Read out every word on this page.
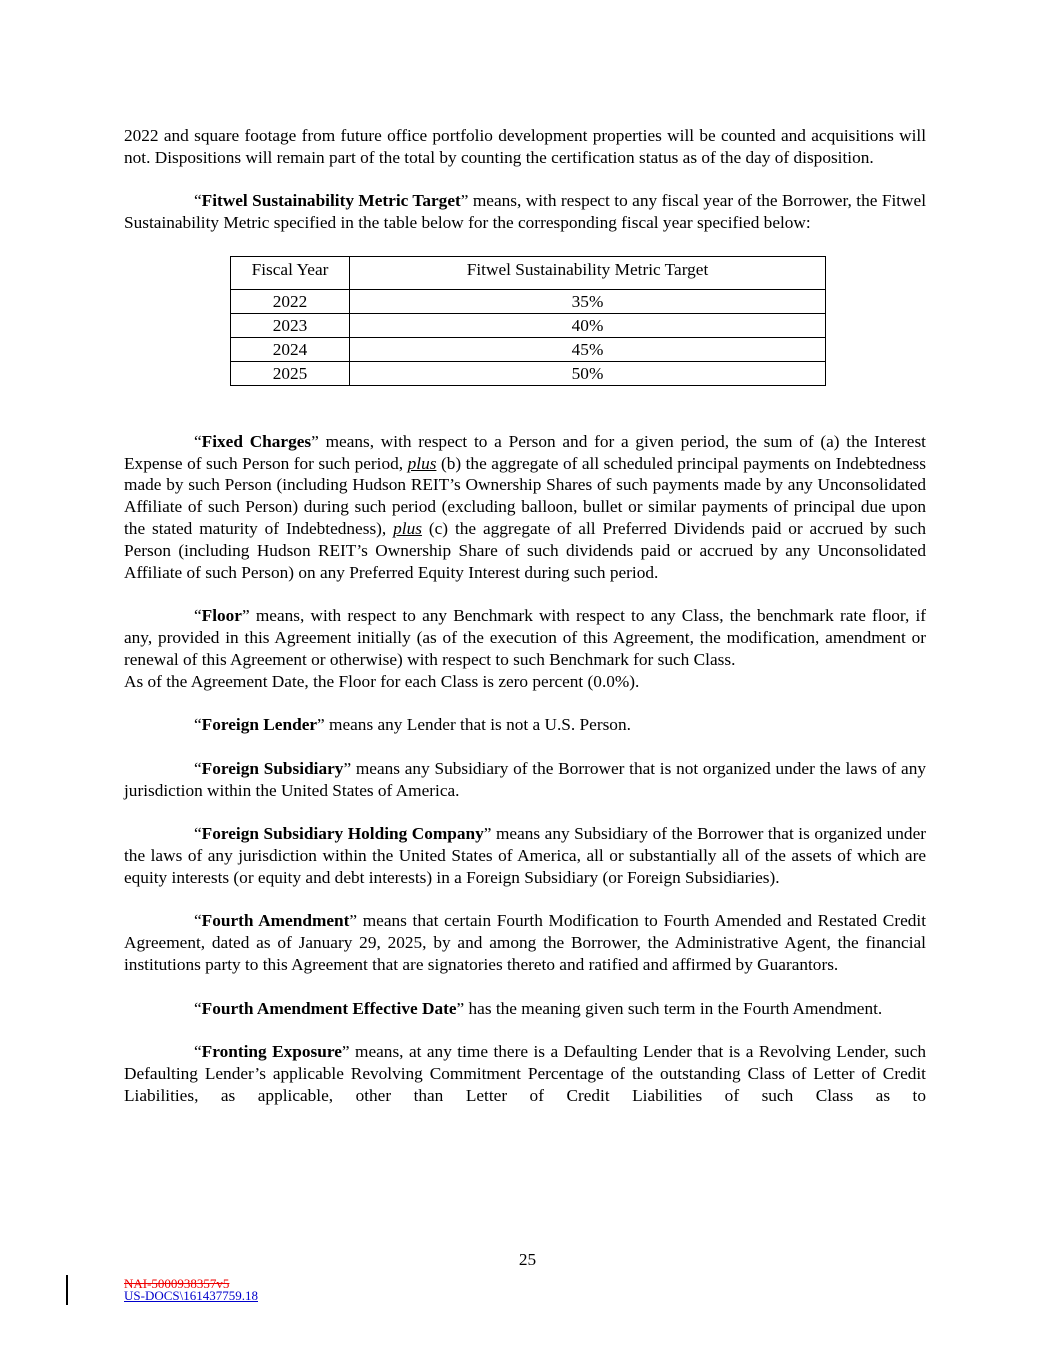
2022 and square footage from future office portfolio development properties will be counted and acquisitions will not. Dispositions will remain part of the total by counting the certification status as of the day of disposition.

“Fitwel Sustainability Metric Target” means, with respect to any fiscal year of the Borrower, the Fitwel Sustainability Metric specified in the table below for the corresponding fiscal year specified below:

Fiscal Year	Fitwel Sustainability Metric Target
2022	35%
2023	40%
2024	45%
2025	50%

“Fixed Charges” means, with respect to a Person and for a given period, the sum of (a) the Interest Expense of such Person for such period, plus (b) the aggregate of all scheduled principal payments on Indebtedness made by such Person (including Hudson REIT’s Ownership Shares of such payments made by any Unconsolidated Affiliate of such Person) during such period (excluding balloon, bullet or similar payments of principal due upon the stated maturity of Indebtedness), plus (c) the aggregate of all Preferred Dividends paid or accrued by such Person (including Hudson REIT’s Ownership Share of such dividends paid or accrued by any Unconsolidated Affiliate of such Person) on any Preferred Equity Interest during such period.

“Floor” means, with respect to any Benchmark with respect to any Class, the benchmark rate floor, if any, provided in this Agreement initially (as of the execution of this Agreement, the modification, amendment or renewal of this Agreement or otherwise) with respect to such Benchmark for such Class.
As of the Agreement Date, the Floor for each Class is zero percent (0.0%).

“Foreign Lender” means any Lender that is not a U.S. Person.

“Foreign Subsidiary” means any Subsidiary of the Borrower that is not organized under the laws of any jurisdiction within the United States of America.

“Foreign Subsidiary Holding Company” means any Subsidiary of the Borrower that is organized under the laws of any jurisdiction within the United States of America, all or substantially all of the assets of which are equity interests (or equity and debt interests) in a Foreign Subsidiary (or Foreign Subsidiaries).

“Fourth Amendment” means that certain Fourth Modification to Fourth Amended and Restated Credit Agreement, dated as of January 29, 2025, by and among the Borrower, the Administrative Agent, the financial institutions party to this Agreement that are signatories thereto and ratified and affirmed by Guarantors.

“Fourth Amendment Effective Date” has the meaning given such term in the Fourth Amendment.

“Fronting Exposure” means, at any time there is a Defaulting Lender that is a Revolving Lender, such Defaulting Lender’s applicable Revolving Commitment Percentage of the outstanding Class of Letter of Credit Liabilities, as applicable, other than Letter of Credit Liabilities of such Class as to

25
NAI-5000938357v5
US-DOCS\161437759.18
